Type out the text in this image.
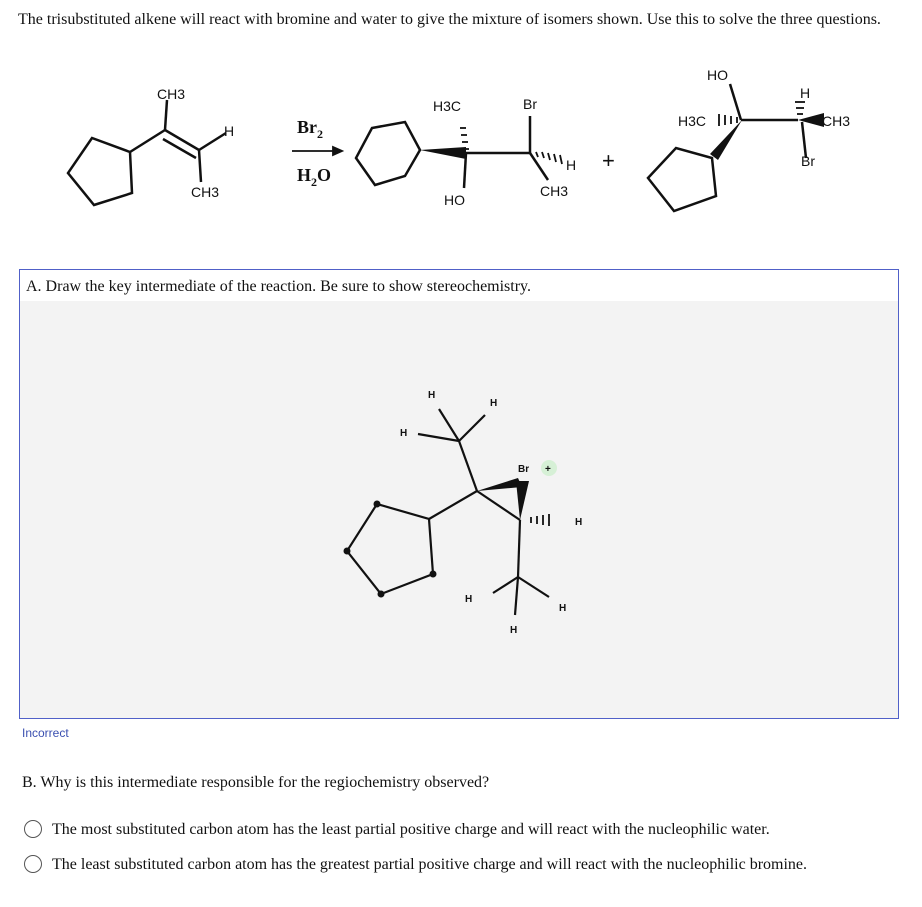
The trisubstituted alkene will react with bromine and water to give the mixture of isomers shown. Use this to solve the three questions.
CH3
H
CH3
$Br_2$
$H_2O$
H3C	Br
HO
H
CH3
+
HO
H3C
H
CH3
Br
A. Draw the key intermediate of the reaction. Be sure to show stereochemistry.
+
Br
H
H
H
H
H
H
H
Incorrect
B. Why is this intermediate responsible for the regiochemistry observed?
The most substituted carbon atom has the least partial positive charge and will react with the nucleophilic water.
The least substituted carbon atom has the greatest partial positive charge and will react with the nucleophilic bromine.
